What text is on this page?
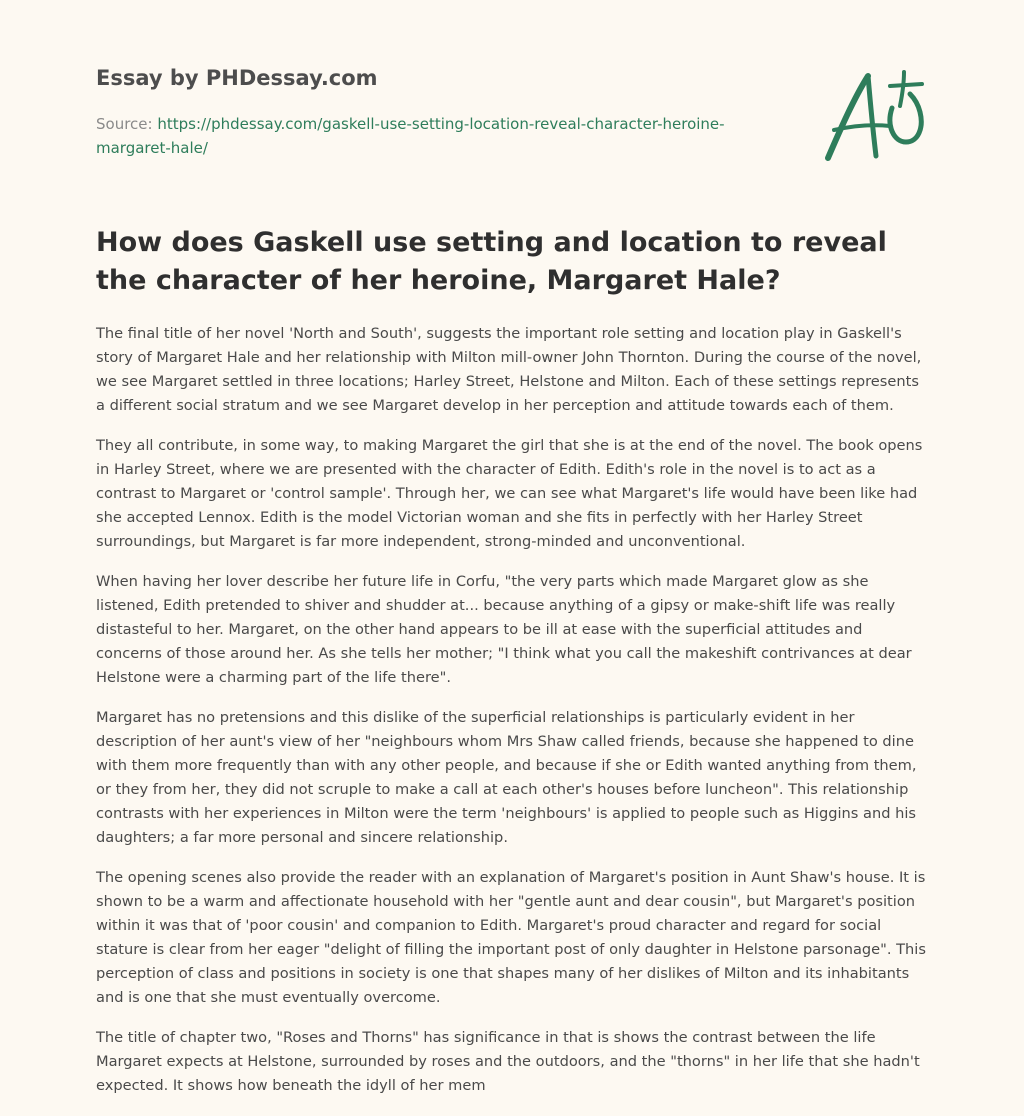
Essay by PHDessay.com

Source: https://phdessay.com/gaskell-use-setting-location-reveal-character-heroine-margaret-hale/
How does Gaskell use setting and location to reveal the character of her heroine, Margaret Hale?

The final title of her novel 'North and South', suggests the important role setting and location play in Gaskell's story of Margaret Hale and her relationship with Milton mill-owner John Thornton. During the course of the novel, we see Margaret settled in three locations; Harley Street, Helstone and Milton. Each of these settings represents a different social stratum and we see Margaret develop in her perception and attitude towards each of them.

They all contribute, in some way, to making Margaret the girl that she is at the end of the novel. The book opens in Harley Street, where we are presented with the character of Edith. Edith's role in the novel is to act as a contrast to Margaret or 'control sample'. Through her, we can see what Margaret's life would have been like had she accepted Lennox. Edith is the model Victorian woman and she fits in perfectly with her Harley Street surroundings, but Margaret is far more independent, strong-minded and unconventional.

When having her lover describe her future life in Corfu, "the very parts which made Margaret glow as she listened, Edith pretended to shiver and shudder at... because anything of a gipsy or make-shift life was really distasteful to her. Margaret, on the other hand appears to be ill at ease with the superficial attitudes and concerns of those around her. As she tells her mother; "I think what you call the makeshift contrivances at dear Helstone were a charming part of the life there".

Margaret has no pretensions and this dislike of the superficial relationships is particularly evident in her description of her aunt's view of her "neighbours whom Mrs Shaw called friends, because she happened to dine with them more frequently than with any other people, and because if she or Edith wanted anything from them, or they from her, they did not scruple to make a call at each other's houses before luncheon". This relationship contrasts with her experiences in Milton were the term 'neighbours' is applied to people such as Higgins and his daughters; a far more personal and sincere relationship.

The opening scenes also provide the reader with an explanation of Margaret's position in Aunt Shaw's house. It is shown to be a warm and affectionate household with her "gentle aunt and dear cousin", but Margaret's position within it was that of 'poor cousin' and companion to Edith. Margaret's proud character and regard for social stature is clear from her eager "delight of filling the important post of only daughter in Helstone parsonage". This perception of class and positions in society is one that shapes many of her dislikes of Milton and its inhabitants and is one that she must eventually overcome.

The title of chapter two, "Roses and Thorns" has significance in that is shows the contrast between the life Margaret expects at Helstone, surrounded by roses and the outdoors, and the "thorns" in her life that she hadn't expected. It shows how beneath the idyll of her mem
